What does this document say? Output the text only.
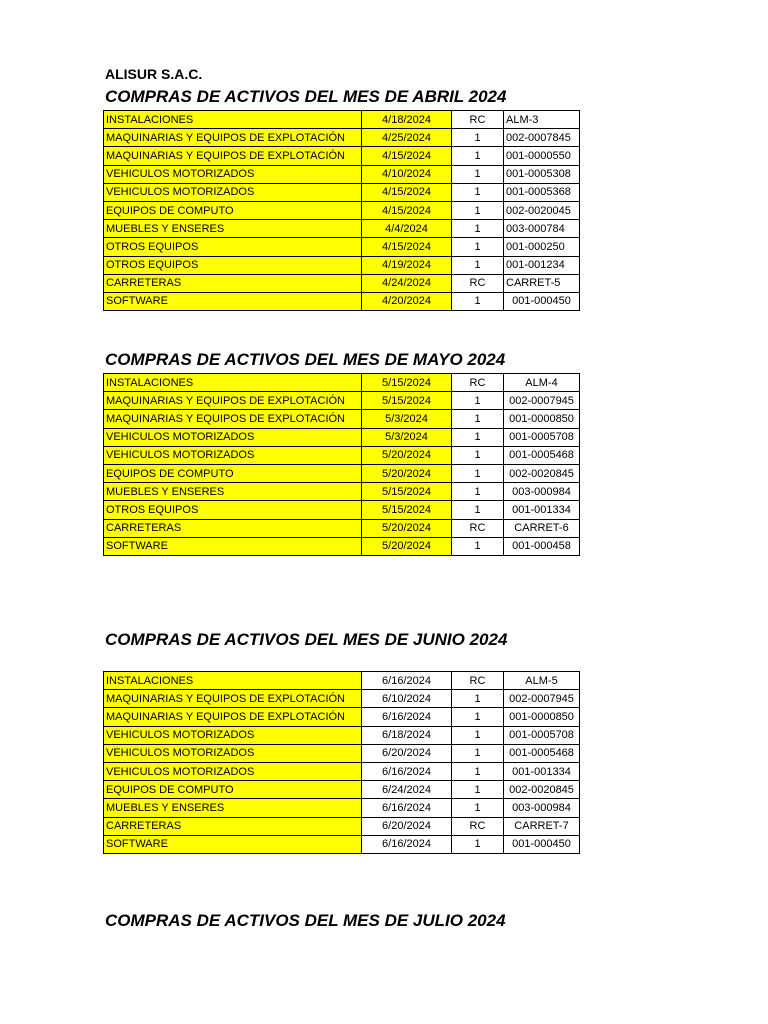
ALISUR S.A.C.
COMPRAS DE ACTIVOS DEL MES DE ABRIL 2024
INSTALACIONES	4/18/2024	RC	ALM-3
MAQUINARIAS Y EQUIPOS DE EXPLOTACIÓN	4/25/2024	1	002-0007845
MAQUINARIAS Y EQUIPOS DE EXPLOTACIÓN	4/15/2024	1	001-0000550
VEHICULOS MOTORIZADOS	4/10/2024	1	001-0005308
VEHICULOS MOTORIZADOS	4/15/2024	1	001-0005368
EQUIPOS DE COMPUTO	4/15/2024	1	002-0020045
MUEBLES Y ENSERES	4/4/2024	1	003-000784
OTROS EQUIPOS	4/15/2024	1	001-000250
OTROS EQUIPOS	4/19/2024	1	001-001234
CARRETERAS	4/24/2024	RC	CARRET-5
SOFTWARE	4/20/2024	1	001-000450
COMPRAS DE ACTIVOS DEL MES DE MAYO 2024
INSTALACIONES	5/15/2024	RC	ALM-4
MAQUINARIAS Y EQUIPOS DE EXPLOTACIÓN	5/15/2024	1	002-0007945
MAQUINARIAS Y EQUIPOS DE EXPLOTACIÓN	5/3/2024	1	001-0000850
VEHICULOS MOTORIZADOS	5/3/2024	1	001-0005708
VEHICULOS MOTORIZADOS	5/20/2024	1	001-0005468
EQUIPOS DE COMPUTO	5/20/2024	1	002-0020845
MUEBLES Y ENSERES	5/15/2024	1	003-000984
OTROS EQUIPOS	5/15/2024	1	001-001334
CARRETERAS	5/20/2024	RC	CARRET-6
SOFTWARE	5/20/2024	1	001-000458
COMPRAS DE ACTIVOS DEL MES DE JUNIO 2024
INSTALACIONES	6/16/2024	RC	ALM-5
MAQUINARIAS Y EQUIPOS DE EXPLOTACIÓN	6/10/2024	1	002-0007945
MAQUINARIAS Y EQUIPOS DE EXPLOTACIÓN	6/16/2024	1	001-0000850
VEHICULOS MOTORIZADOS	6/18/2024	1	001-0005708
VEHICULOS MOTORIZADOS	6/20/2024	1	001-0005468
VEHICULOS MOTORIZADOS	6/16/2024	1	001-001334
EQUIPOS DE COMPUTO	6/24/2024	1	002-0020845
MUEBLES Y ENSERES	6/16/2024	1	003-000984
CARRETERAS	6/20/2024	RC	CARRET-7
SOFTWARE	6/16/2024	1	001-000450
COMPRAS DE ACTIVOS DEL MES DE JULIO 2024
